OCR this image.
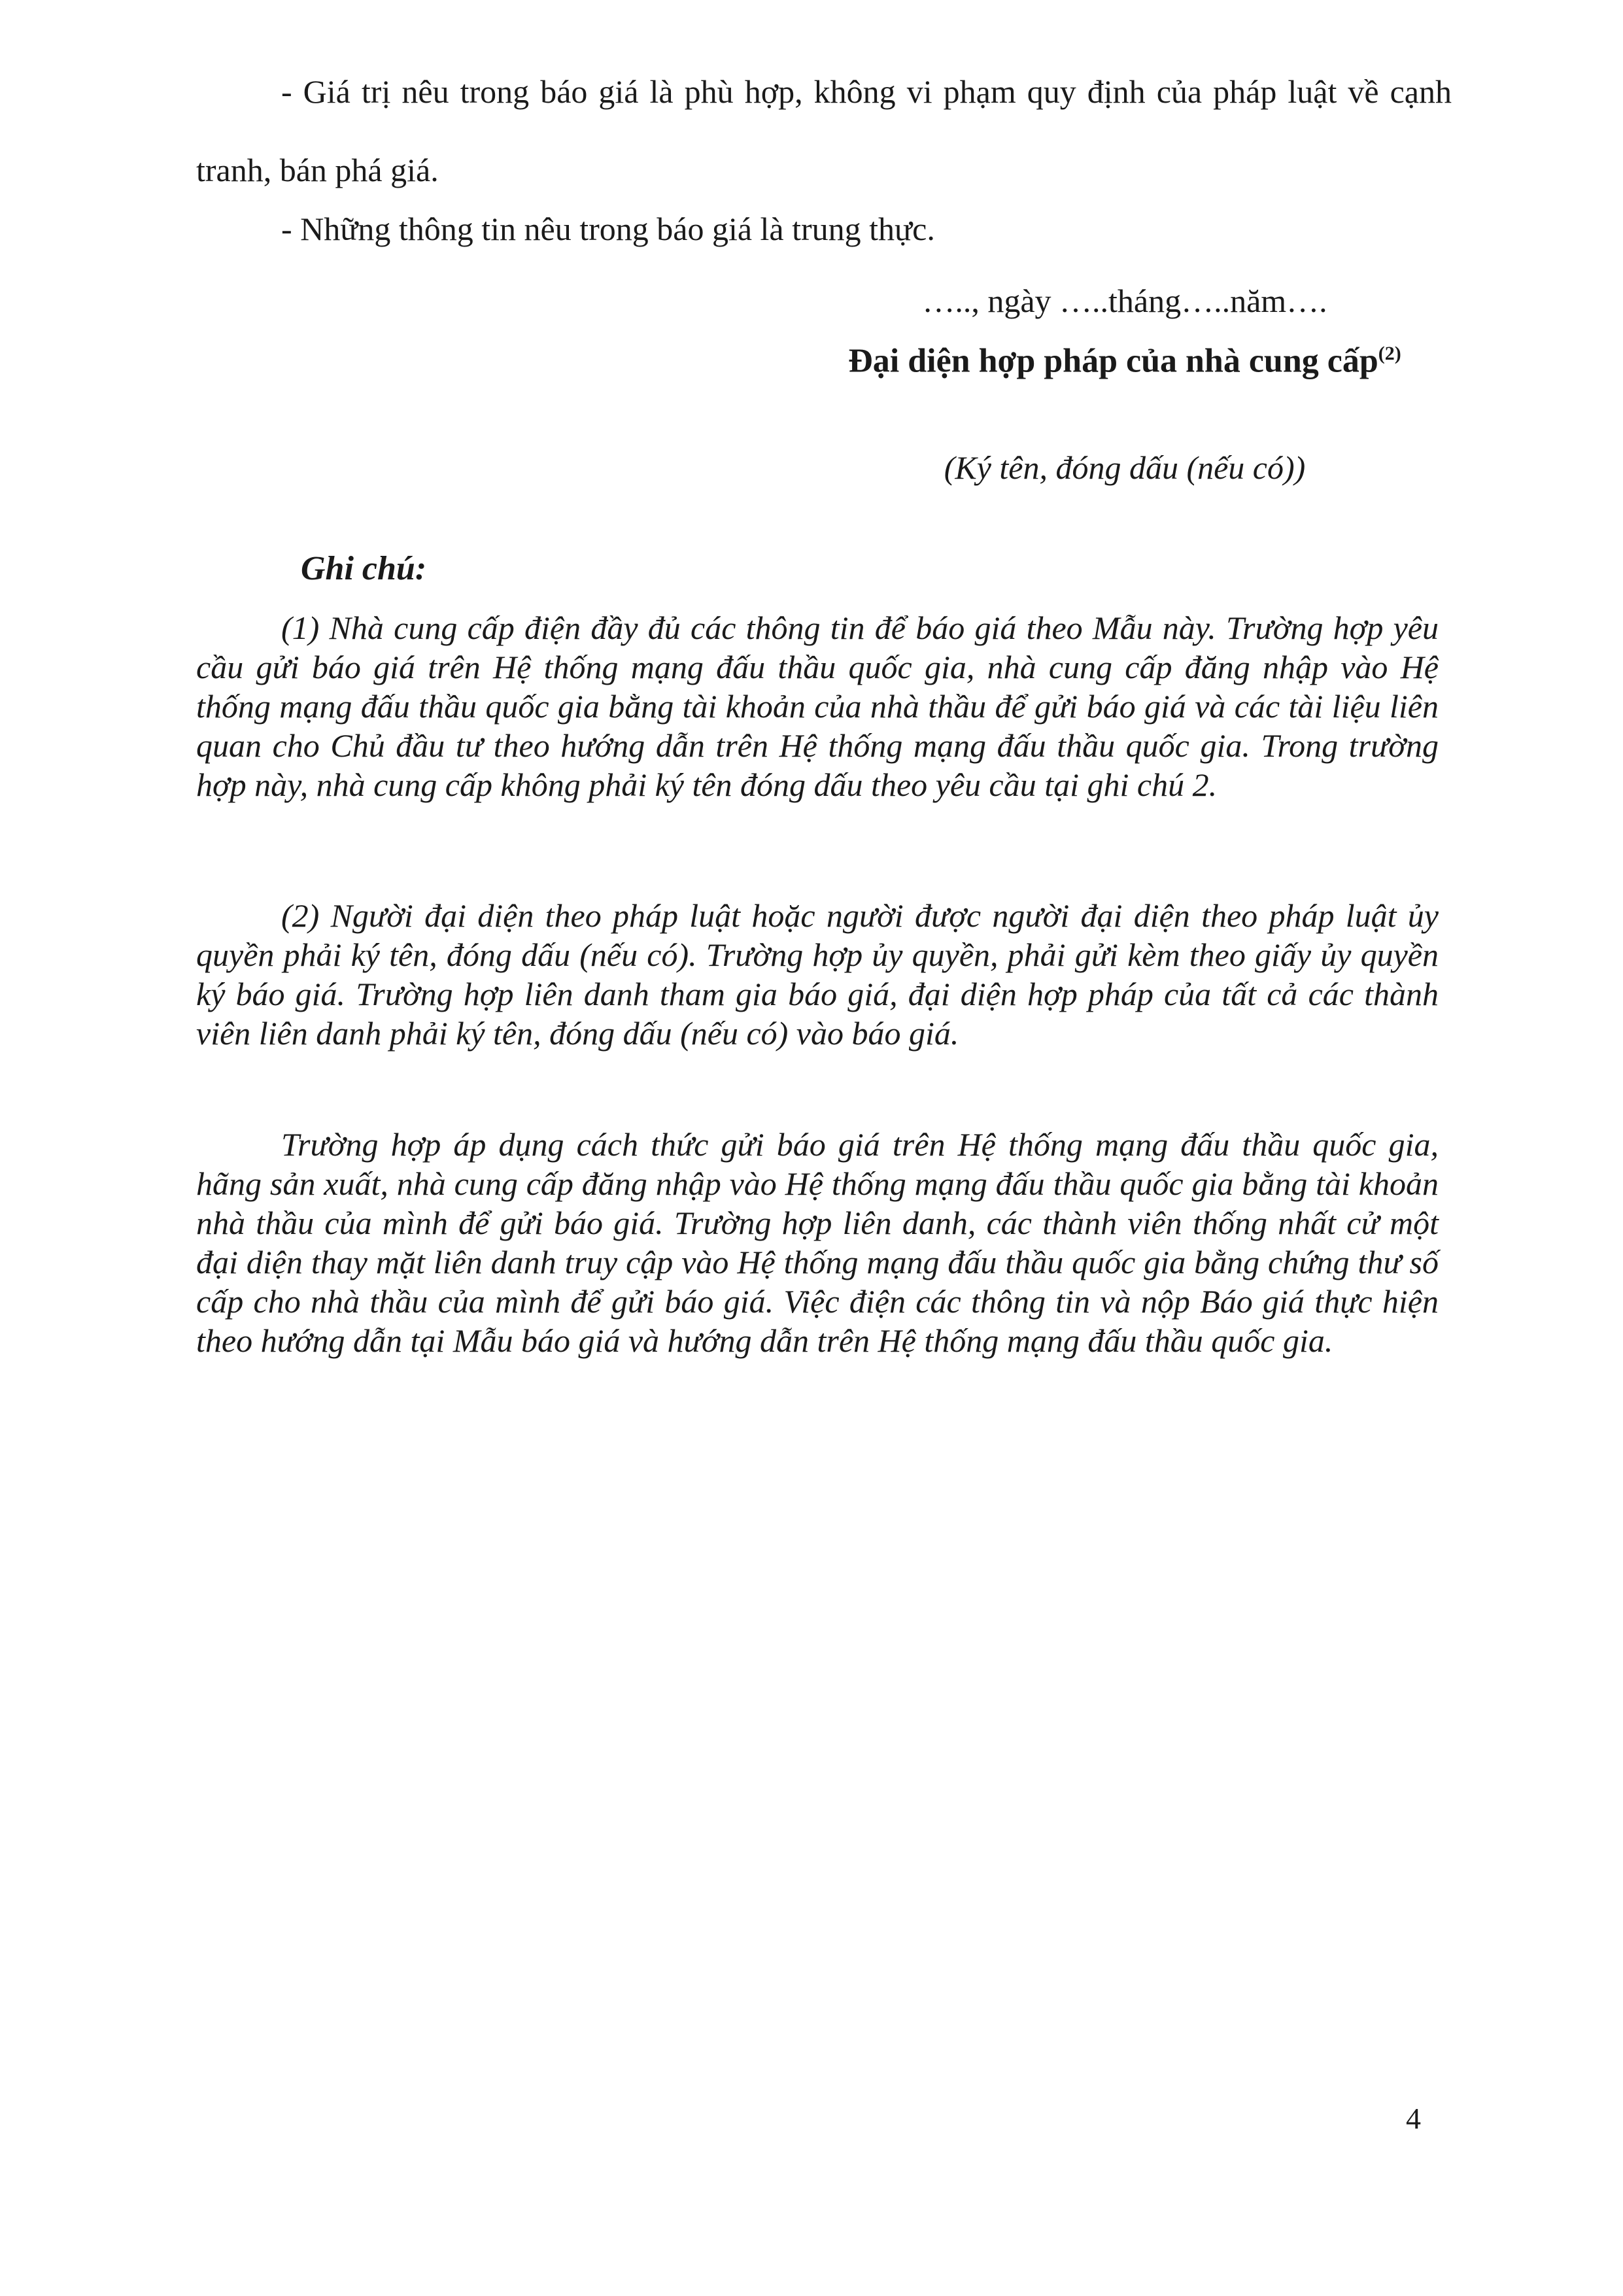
- Giá trị nêu trong báo giá là phù hợp, không vi phạm quy định của pháp luật về cạnh tranh, bán phá giá.

- Những thông tin nêu trong báo giá là trung thực.

….., ngày …..tháng…..năm….

Đại diện hợp pháp của nhà cung cấp$^{(2)}$

(Ký tên, đóng dấu (nếu có))

Ghi chú:

(1) Nhà cung cấp điện đầy đủ các thông tin để báo giá theo Mẫu này. Trường hợp yêu cầu gửi báo giá trên Hệ thống mạng đấu thầu quốc gia, nhà cung cấp đăng nhập vào Hệ thống mạng đấu thầu quốc gia bằng tài khoản của nhà thầu để gửi báo giá và các tài liệu liên quan cho Chủ đầu tư theo hướng dẫn trên Hệ thống mạng đấu thầu quốc gia. Trong trường hợp này, nhà cung cấp không phải ký tên đóng dấu theo yêu cầu tại ghi chú 2.

(2) Người đại diện theo pháp luật hoặc người được người đại diện theo pháp luật ủy quyền phải ký tên, đóng dấu (nếu có). Trường hợp ủy quyền, phải gửi kèm theo giấy ủy quyền ký báo giá. Trường hợp liên danh tham gia báo giá, đại diện hợp pháp của tất cả các thành viên liên danh phải ký tên, đóng dấu (nếu có) vào báo giá.

Trường hợp áp dụng cách thức gửi báo giá trên Hệ thống mạng đấu thầu quốc gia, hãng sản xuất, nhà cung cấp đăng nhập vào Hệ thống mạng đấu thầu quốc gia bằng tài khoản nhà thầu của mình để gửi báo giá. Trường hợp liên danh, các thành viên thống nhất cử một đại diện thay mặt liên danh truy cập vào Hệ thống mạng đấu thầu quốc gia bằng chứng thư số cấp cho nhà thầu của mình để gửi báo giá. Việc điện các thông tin và nộp Báo giá thực hiện theo hướng dẫn tại Mẫu báo giá và hướng dẫn trên Hệ thống mạng đấu thầu quốc gia.

4
